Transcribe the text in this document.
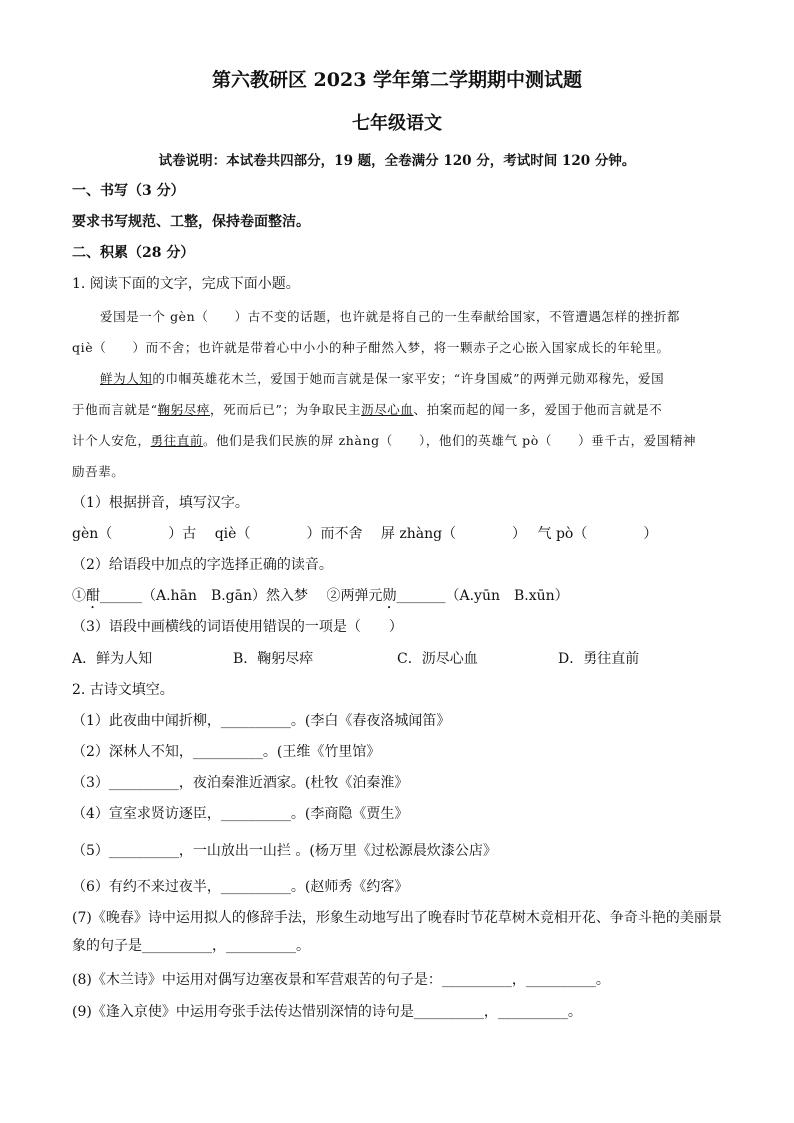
第六教研区 2023 学年第二学期期中测试题
七年级语文
试卷说明：本试卷共四部分，19 题，全卷满分 120 分，考试时间 120 分钟。
一、书写（3 分）
要求书写规范、工整，保持卷面整洁。
二、积累（28 分）
1. 阅读下面的文字，完成下面小题。
爱国是一个 gèn（　　）古不变的话题，也许就是将自己的一生奉献给国家，不管遭遇怎样的挫折都
qiè（　　）而不舍；也许就是带着心中小小的种子酣然入梦，将一颗赤子之心嵌入国家成长的年轮里。
鲜为人知的巾帼英雄花木兰，爱国于她而言就是保一家平安；“许身国威”的两弹元勋邓稼先，爱国
于他而言就是“鞠躬尽瘁，死而后已”；为争取民主沥尽心血、拍案而起的闻一多，爱国于他而言就是不
计个人安危，勇往直前。他们是我们民族的屏 zhàng（　　），他们的英雄气 pò（　　）垂千古，爱国精神
励吾辈。
（1）根据拼音，填写汉字。
gèn（　　　　）古　 qiè（　　　　）而不舍　 屏 zhàng（　　　　）　 气 pò（　　　　）
（2）给语段中加点的字选择正确的读音。
①酣______（A.hān　B.gān）然入梦　 ②两弹元勋_______（A.yūn　B.xūn）
（3）语段中画横线的词语使用错误的一项是（　　）
A．鲜为人知	B．鞠躬尽瘁	C．沥尽心血	D．勇往直前
2. 古诗文填空。
（1）此夜曲中闻折柳，__________。(李白《春夜洛城闻笛》
（2）深林人不知，__________。(王维《竹里馆》
（3）__________，夜泊秦淮近酒家。(杜牧《泊秦淮》
（4）宣室求贤访逐臣，__________。(李商隐《贾生》
（5）__________，一山放出一山拦 。(杨万里《过松源晨炊漆公店》
（6）有约不来过夜半，__________。(赵师秀《约客》
(7)《晚春》诗中运用拟人的修辞手法，形象生动地写出了晚春时节花草树木竞相开花、争奇斗艳的美丽景象的句子是__________，__________。
(8)《木兰诗》中运用对偶写边塞夜景和军营艰苦的句子是：__________，__________。
(9)《逢入京使》中运用夸张手法传达惜别深情的诗句是__________，__________。
